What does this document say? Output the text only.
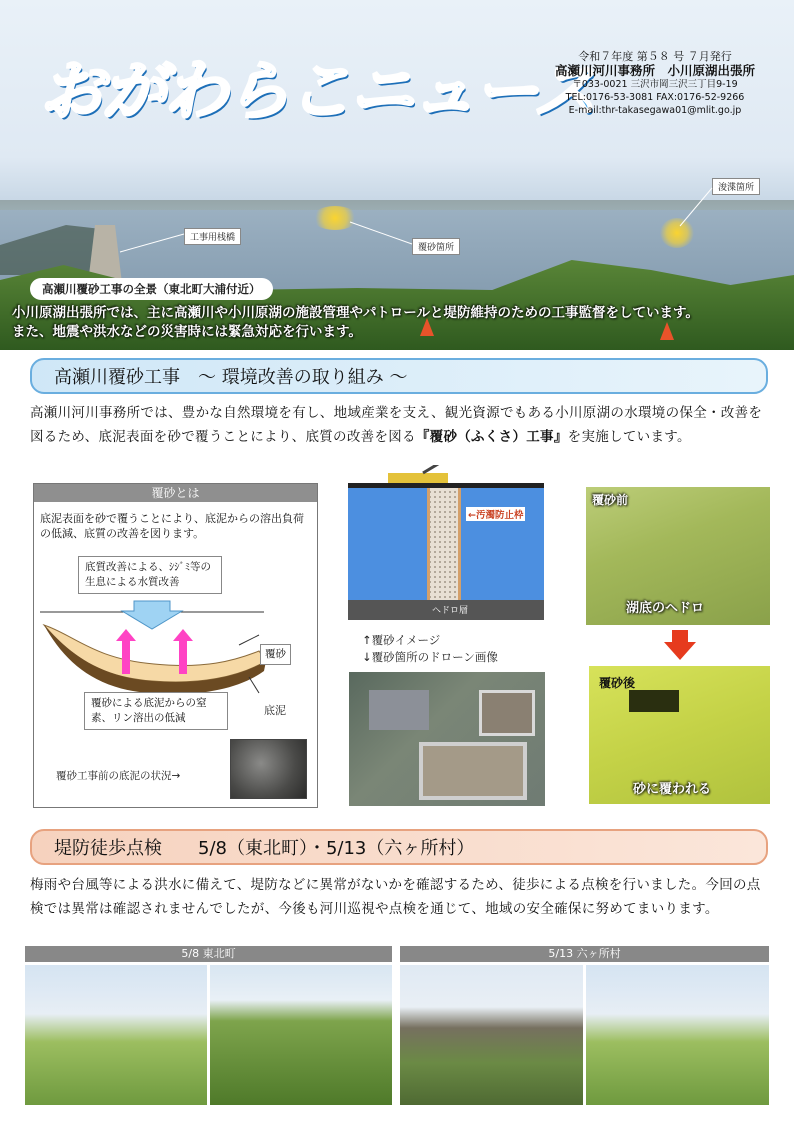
おがわらこニュース
令和７年度 第５８ 号 ７月発行
高瀬川河川事務所　小川原湖出張所
〒033-0021 三沢市岡三沢三丁目9-19
TEL:0176-53-3081 FAX:0176-52-9266
E-mail:thr-takasegawa01@mlit.go.jp
浚渫箇所
工事用桟橋
覆砂箇所
高瀬川覆砂工事の全景（東北町大浦付近）
小川原湖出張所では、主に高瀬川や小川原湖の施設管理やパトロールと堤防維持のための工事監督をしています。
また、地震や洪水などの災害時には緊急対応を行います。
高瀬川覆砂工事　～ 環境改善の取り組み ～
高瀬川河川事務所では、豊かな自然環境を有し、地域産業を支え、観光資源でもある小川原湖の水環境の保全・改善を図るため、底泥表面を砂で覆うことにより、底質の改善を図る『覆砂（ふくさ）工事』を実施しています。
覆砂とは
底泥表面を砂で覆うことにより、底泥からの溶出負荷の低減、底質の改善を図ります。
底質改善による、ｼｼﾞﾐ等の生息による水質改善
覆砂
底泥
覆砂による底泥からの窒素、リン溶出の低減
覆砂工事前の底泥の状況→
←汚濁防止枠
ヘドロ層
↑覆砂イメージ
↓覆砂箇所のドローン画像
覆砂前
湖底のヘドロ
覆砂後
砂に覆われる
堤防徒歩点検　　5/8（東北町）・5/13（六ヶ所村）
梅雨や台風等による洪水に備えて、堤防などに異常がないかを確認するため、徒歩による点検を行いました。今回の点検では異常は確認されませんでしたが、今後も河川巡視や点検を通じて、地域の安全確保に努めてまいります。
5/8 東北町	5/13 六ヶ所村
